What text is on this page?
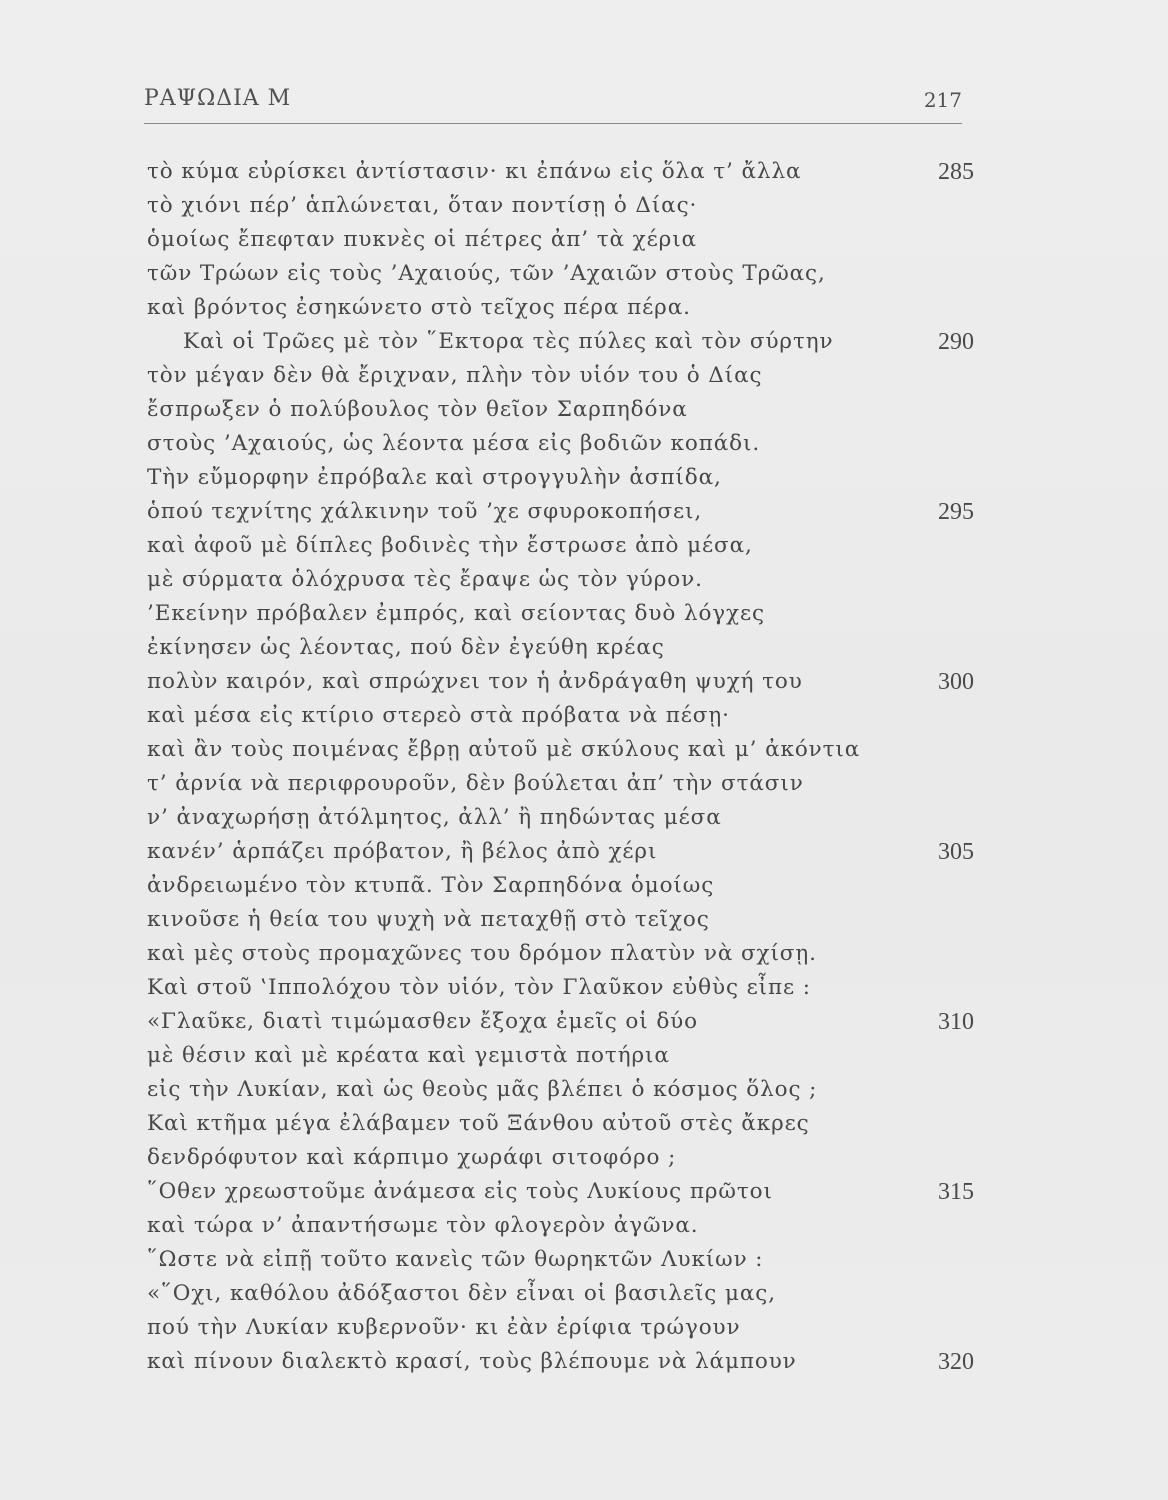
ΡΑΨΩΔΙΑ Μ	217
τὸ κύμα εὐρίσκει ἀντίστασιν· κι ἐπάνω εἰς ὅλα τ’ ἄλλα	285
τὸ χιόνι πέρ’ ἁπλώνεται, ὅταν ποντίσῃ ὁ Δίας·
ὁμοίως ἔπεφταν πυκνὲς οἱ πέτρες ἀπ’ τὰ χέρια
τῶν Τρώων εἰς τοὺς ’Αχαιούς, τῶν ’Αχαιῶν στοὺς Τρῶας,
καὶ βρόντος ἐσηκώνετο στὸ τεῖχος πέρα πέρα.
Καὶ οἱ Τρῶες μὲ τὸν ῞Εκτορα τὲς πύλες καὶ τὸν σύρτην	290
τὸν μέγαν δὲν θὰ ἔριχναν, πλὴν τὸν υἱόν του ὁ Δίας
ἔσπρωξεν ὁ πολύβουλος τὸν θεῖον Σαρπηδόνα
στοὺς ’Αχαιούς, ὡς λέοντα μέσα εἰς βοδιῶν κοπάδι.
Τὴν εὔμορφην ἐπρόβαλε καὶ στρογγυλὴν ἀσπίδα,
ὁπού τεχνίτης χάλκινην τοῦ ’χε σφυροκοπήσει,	295
καὶ ἀφοῦ μὲ δίπλες βοδινὲς τὴν ἔστρωσε ἀπὸ μέσα,
μὲ σύρματα ὁλόχρυσα τὲς ἔραψε ὡς τὸν γύρον.
’Εκείνην πρόβαλεν ἐμπρός, καὶ σείοντας δυὸ λόγχες
ἐκίνησεν ὡς λέοντας, πού δὲν ἐγεύθη κρέας
πολὺν καιρόν, καὶ σπρώχνει τον ἡ ἀνδράγαθη ψυχή του	300
καὶ μέσα εἰς κτίριο στερεὸ στὰ πρόβατα νὰ πέσῃ·
καὶ ἂν τοὺς ποιμένας ἔβρῃ αὐτοῦ μὲ σκύλους καὶ μ’ ἀκόντια
τ’ ἀρνία νὰ περιφρουροῦν, δὲν βούλεται ἀπ’ τὴν στάσιν
ν’ ἀναχωρήσῃ ἀτόλμητος, ἀλλ’ ἢ πηδώντας μέσα
κανέν’ ἁρπάζει πρόβατον, ἢ βέλος ἀπὸ χέρι	305
ἀνδρειωμένο τὸν κτυπᾶ. Τὸν Σαρπηδόνα ὁμοίως
κινοῦσε ἡ θεία του ψυχὴ νὰ πεταχθῇ στὸ τεῖχος
καὶ μὲς στοὺς προμαχῶνες του δρόμον πλατὺν νὰ σχίσῃ.
Καὶ στοῦ ‛Ιππολόχου τὸν υἱόν, τὸν Γλαῦκον εὐθὺς εἶπε :
«Γλαῦκε, διατὶ τιμώμασθεν ἔξοχα ἐμεῖς οἱ δύο	310
μὲ θέσιν καὶ μὲ κρέατα καὶ γεμιστὰ ποτήρια
εἰς τὴν Λυκίαν, καὶ ὡς θεοὺς μᾶς βλέπει ὁ κόσμος ὅλος ;
Καὶ κτῆμα μέγα ἐλάβαμεν τοῦ Ξάνθου αὐτοῦ στὲς ἄκρες
δενδρόφυτον καὶ κάρπιμο χωράφι σιτοφόρο ;
῞Οθεν χρεωστοῦμε ἀνάμεσα εἰς τοὺς Λυκίους πρῶτοι	315
καὶ τώρα ν’ ἀπαντήσωμε τὸν φλογερὸν ἀγῶνα.
῞Ωστε νὰ εἰπῇ τοῦτο κανεὶς τῶν θωρηκτῶν Λυκίων :
«῞Οχι, καθόλου ἀδόξαστοι δὲν εἶναι οἱ βασιλεῖς μας,
πού τὴν Λυκίαν κυβερνοῦν· κι ἐὰν ἐρίφια τρώγουν
καὶ πίνουν διαλεκτὸ κρασί, τοὺς βλέπουμε νὰ λάμπουν	320
